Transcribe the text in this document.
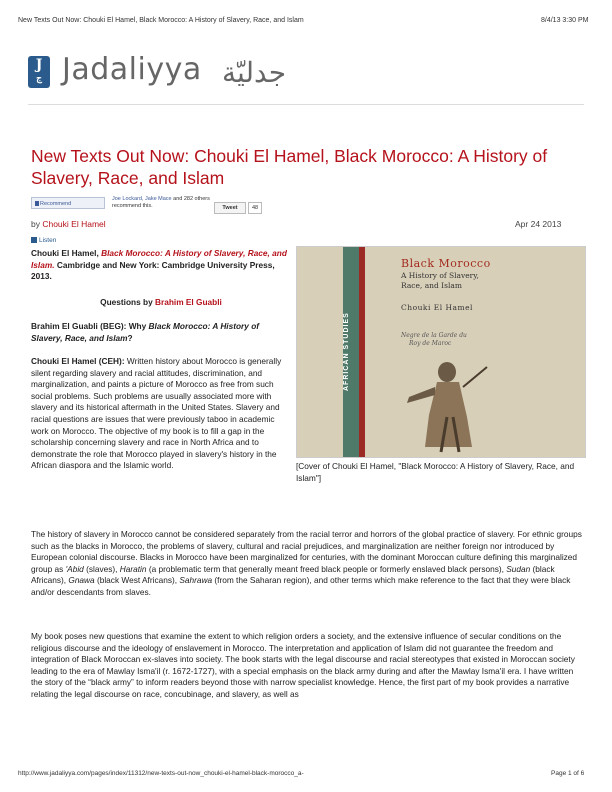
New Texts Out Now: Chouki El Hamel, Black Morocco: A History of Slavery, Race, and Islam	8/4/13 3:30 PM
J
ج Jadaliyya جدليّة
New Texts Out Now: Chouki El Hamel, Black Morocco: A History of Slavery, Race, and Islam
Recommend
Joe Lockard, Jake Mace and 282 others recommend this.	Tweet	48
by Chouki El Hamel	Apr 24 2013
Listen

Chouki El Hamel, Black Morocco: A History of Slavery, Race, and Islam. Cambridge and New York: Cambridge University Press, 2013.

Questions by Brahim El Guabli

Brahim El Guabli (BEG): Why Black Morocco: A History of Slavery, Race, and Islam?

Chouki El Hamel (CEH): Written history about Morocco is generally silent regarding slavery and racial attitudes, discrimination, and marginalization, and paints a picture of Morocco as free from such social problems. Such problems are usually associated more with slavery and its historical aftermath in the United States. Slavery and racial questions are issues that were previously taboo in academic work on Morocco. The objective of my book is to fill a gap in the scholarship concerning slavery and race in North Africa and to demonstrate the role that Morocco played in slavery's history in the African diaspora and the Islamic world.

AFRICAN STUDIES
Black Morocco
A History of Slavery, Race, and Islam
Chouki El Hamel
Negre de la Garde du
Roy de Maroc
[Cover of Chouki El Hamel, "Black Morocco: A History of Slavery, Race, and Islam"]

The history of slavery in Morocco cannot be considered separately from the racial terror and horrors of the global practice of slavery. For ethnic groups such as the blacks in Morocco, the problems of slavery, cultural and racial prejudices, and marginalization are neither foreign nor introduced by European colonial discourse. Blacks in Morocco have been marginalized for centuries, with the dominant Moroccan culture defining this marginalized group as 'Abid (slaves), Haratin (a problematic term that generally meant freed black people or formerly enslaved black persons), Sudan (black Africans), Gnawa (black West Africans), Sahrawa (from the Saharan region), and other terms which make reference to the fact that they were black and/or descendants from slaves.

My book poses new questions that examine the extent to which religion orders a society, and the extensive influence of secular conditions on the religious discourse and the ideology of enslavement in Morocco. The interpretation and application of Islam did not guarantee the freedom and integration of Black Moroccan ex-slaves into society. The book starts with the legal discourse and racial stereotypes that existed in Moroccan society leading to the era of Mawlay Isma'il (r. 1672-1727), with a special emphasis on the black army during and after the Mawlay Isma'il era. I have written the story of the “black army” to inform readers beyond those with narrow specialist knowledge. Hence, the first part of my book provides a narrative relating the legal discourse on race, concubinage, and slavery, as well as

http://www.jadaliyya.com/pages/index/11312/new-texts-out-now_chouki-el-hamel-black-morocco_a-	Page 1 of 6
